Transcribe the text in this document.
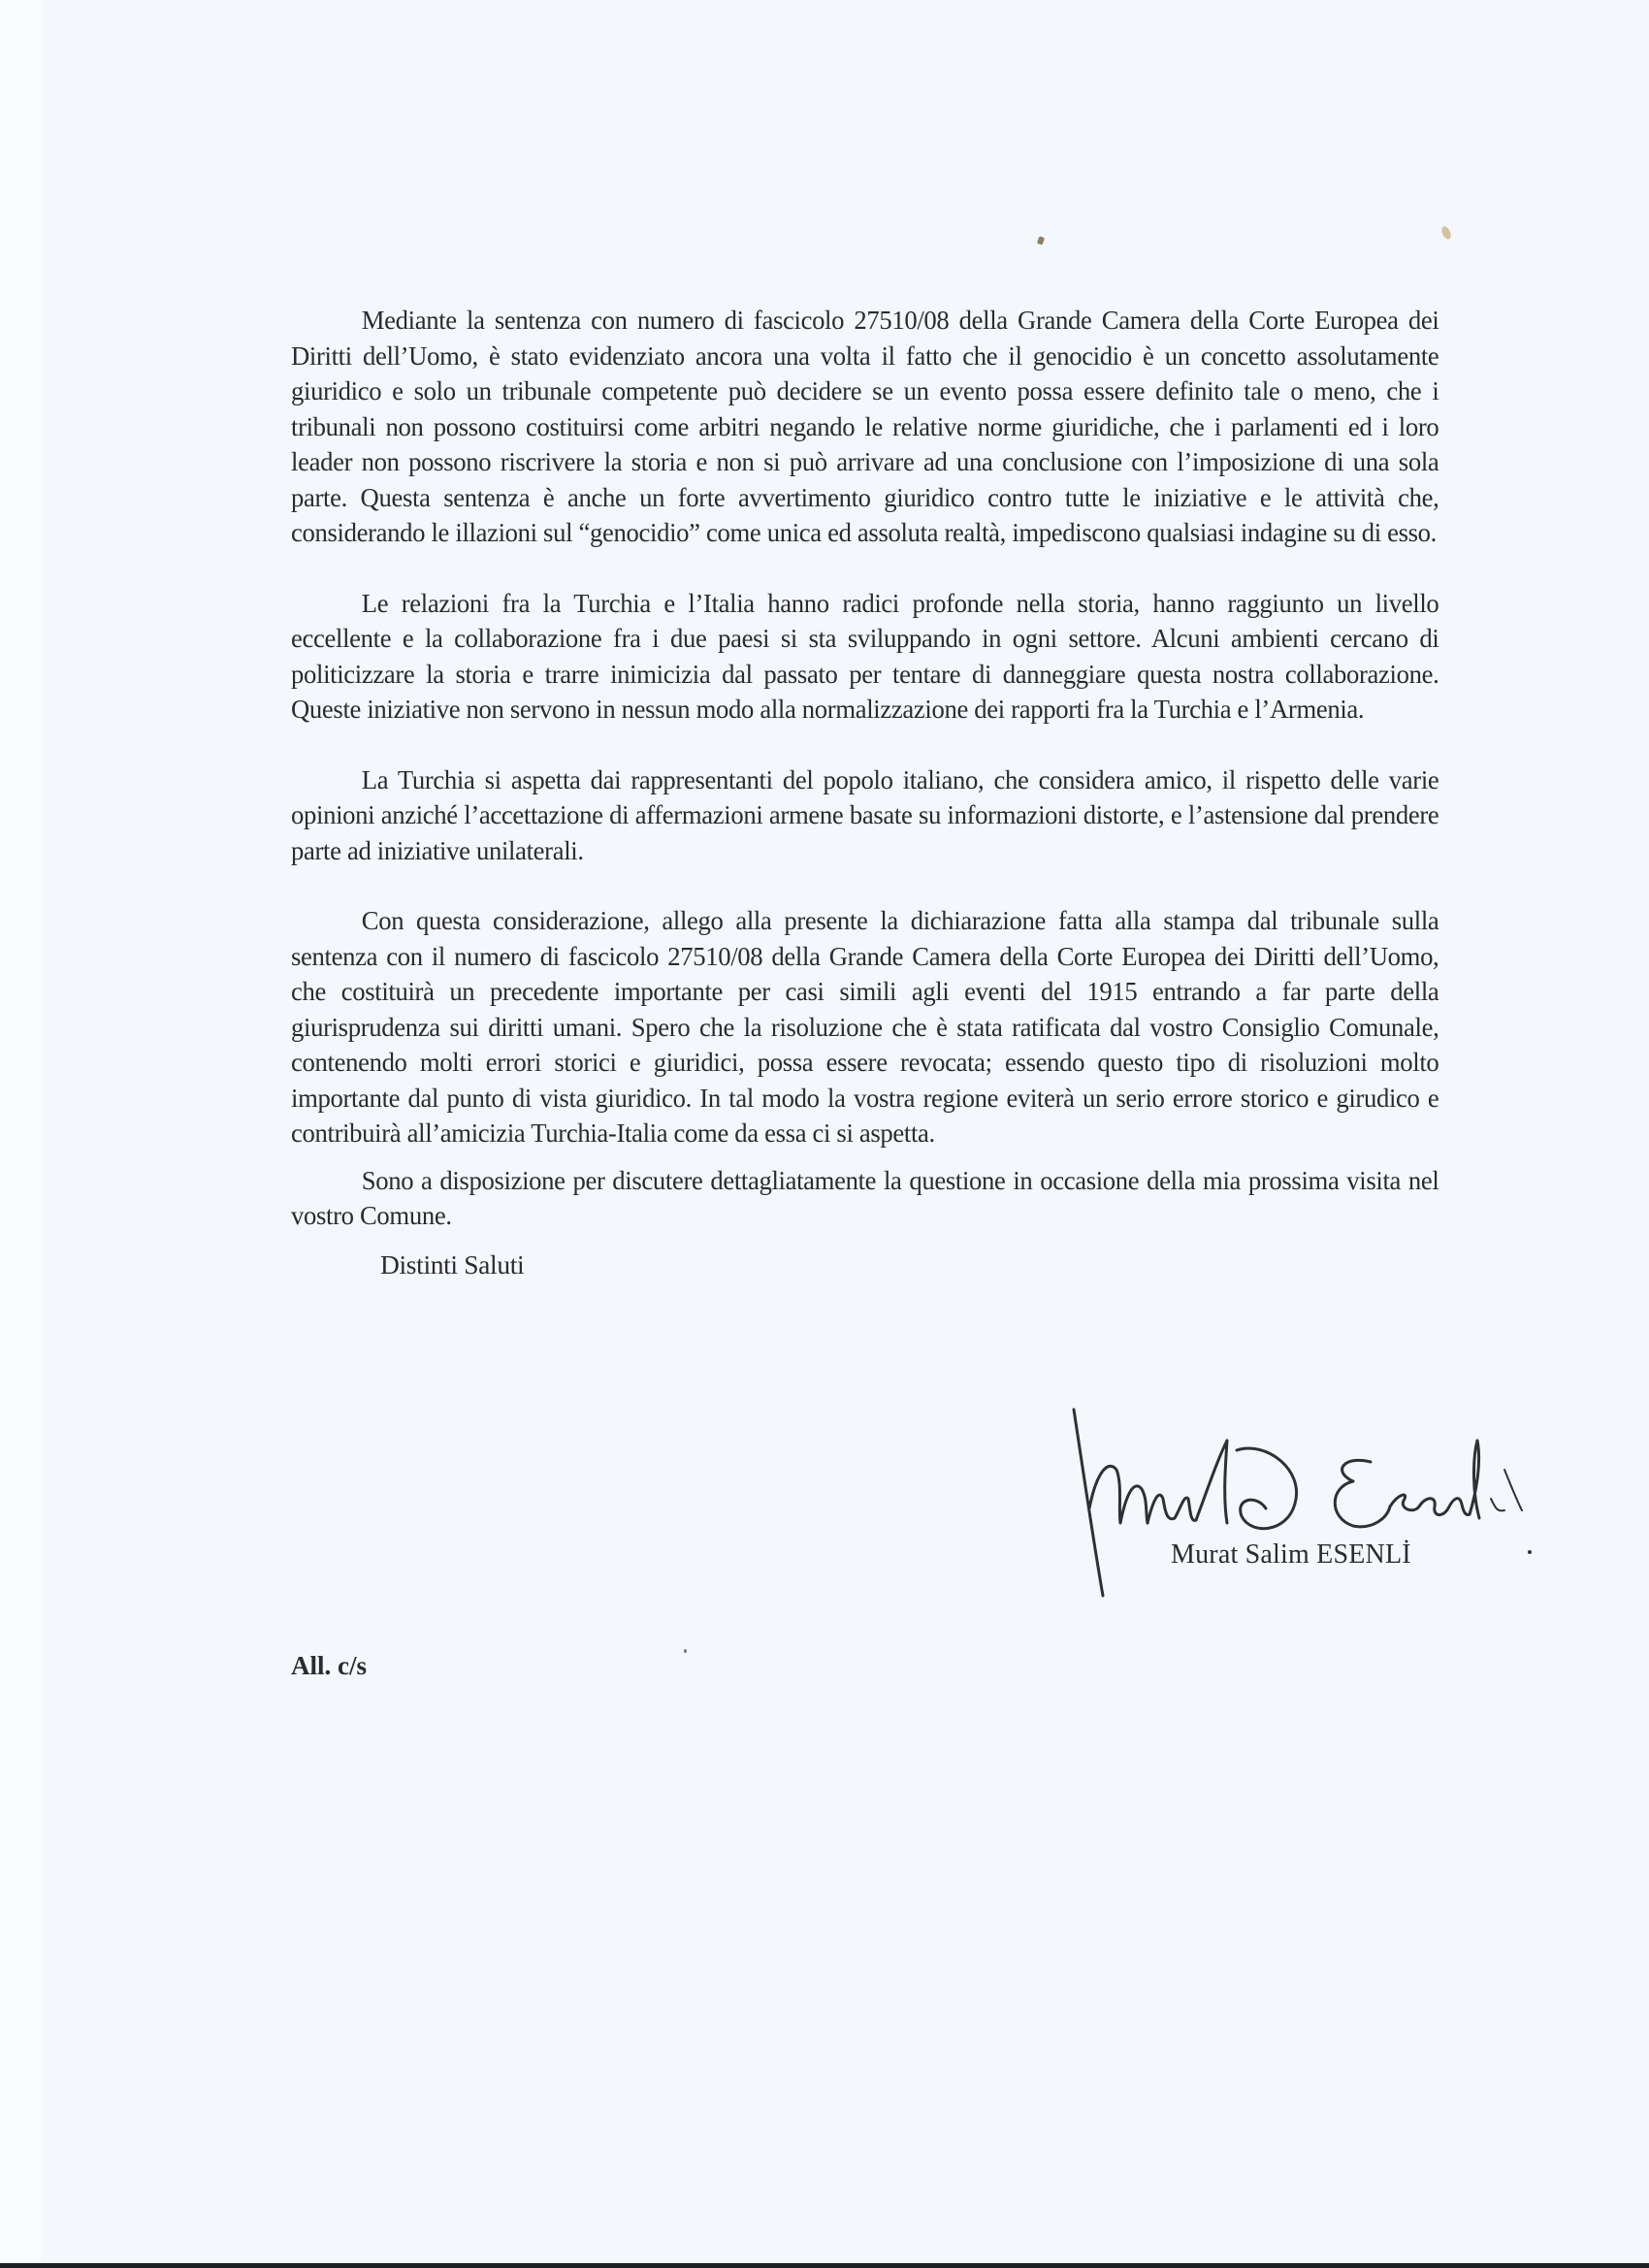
Mediante la sentenza con numero di fascicolo 27510/08 della Grande Camera della Corte Europea dei Diritti dell’Uomo, è stato evidenziato ancora una volta il fatto che il genocidio è un concetto assolutamente giuridico e solo un tribunale competente può decidere se un evento possa essere definito tale o meno, che i tribunali non possono costituirsi come arbitri negando le relative norme giuridiche, che i parlamenti ed i loro leader non possono riscrivere la storia e non si può arrivare ad una conclusione con l’imposizione di una sola parte. Questa sentenza è anche un forte avvertimento giuridico contro tutte le iniziative e le attività che, considerando le illazioni sul “genocidio” come unica ed assoluta realtà, impediscono qualsiasi indagine su di esso.

Le relazioni fra la Turchia e l’Italia hanno radici profonde nella storia, hanno raggiunto un livello eccellente e la collaborazione fra i due paesi si sta sviluppando in ogni settore. Alcuni ambienti cercano di politicizzare la storia e trarre inimicizia dal passato per tentare di danneggiare questa nostra collaborazione. Queste iniziative non servono in nessun modo alla normalizzazione dei rapporti fra la Turchia e l’Armenia.

La Turchia si aspetta dai rappresentanti del popolo italiano, che considera amico, il rispetto delle varie opinioni anziché l’accettazione di affermazioni armene basate su informazioni distorte, e l’astensione dal prendere parte ad iniziative unilaterali.

Con questa considerazione, allego alla presente la dichiarazione fatta alla stampa dal tribunale sulla sentenza con il numero di fascicolo 27510/08 della Grande Camera della Corte Europea dei Diritti dell’Uomo, che costituirà un precedente importante per casi simili agli eventi del 1915 entrando a far parte della giurisprudenza sui diritti umani. Spero che la risoluzione che è stata ratificata dal vostro Consiglio Comunale, contenendo molti errori storici e giuridici, possa essere revocata; essendo questo tipo di risoluzioni molto importante dal punto di vista giuridico. In tal modo la vostra regione eviterà un serio errore storico e girudico e contribuirà all’amicizia Turchia-Italia come da essa ci si aspetta.

Sono a disposizione per discutere dettagliatamente la questione in occasione della mia prossima visita nel vostro Comune.

Distinti Saluti
Murat Salim ESENLİ
All. c/s
